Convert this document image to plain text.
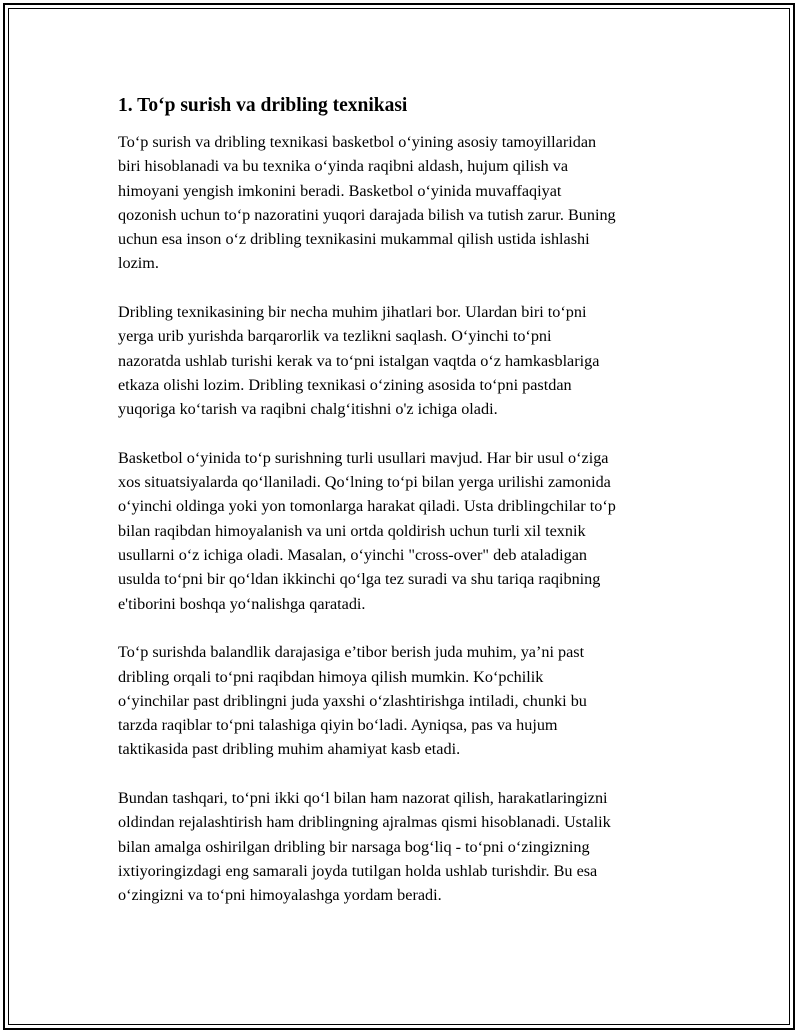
1. To‘p surish va dribling texnikasi

To‘p surish va dribling texnikasi basketbol o‘yining asosiy tamoyillaridan
biri hisoblanadi va bu texnika o‘yinda raqibni aldash, hujum qilish va
himoyani yengish imkonini beradi. Basketbol o‘yinida muvaffaqiyat
qozonish uchun to‘p nazoratini yuqori darajada bilish va tutish zarur. Buning
uchun esa inson o‘z dribling texnikasini mukammal qilish ustida ishlashi
lozim.

Dribling texnikasining bir necha muhim jihatlari bor. Ulardan biri to‘pni
yerga urib yurishda barqarorlik va tezlikni saqlash. O‘yinchi to‘pni
nazoratda ushlab turishi kerak va to‘pni istalgan vaqtda o‘z hamkasblariga
etkaza olishi lozim. Dribling texnikasi o‘zining asosida to‘pni pastdan
yuqoriga ko‘tarish va raqibni chalg‘itishni o'z ichiga oladi.

Basketbol o‘yinida to‘p surishning turli usullari mavjud. Har bir usul o‘ziga
xos situatsiyalarda qo‘llaniladi. Qo‘lning to‘pi bilan yerga urilishi zamonida
o‘yinchi oldinga yoki yon tomonlarga harakat qiladi. Usta driblingchilar to‘p
bilan raqibdan himoyalanish va uni ortda qoldirish uchun turli xil texnik
usullarni o‘z ichiga oladi. Masalan, o‘yinchi "cross-over" deb ataladigan
usulda to‘pni bir qo‘ldan ikkinchi qo‘lga tez suradi va shu tariqa raqibning
e'tiborini boshqa yo‘nalishga qaratadi.

To‘p surishda balandlik darajasiga e’tibor berish juda muhim, ya’ni past
dribling orqali to‘pni raqibdan himoya qilish mumkin. Ko‘pchilik
o‘yinchilar past driblingni juda yaxshi o‘zlashtirishga intiladi, chunki bu
tarzda raqiblar to‘pni talashiga qiyin bo‘ladi. Ayniqsa, pas va hujum
taktikasida past dribling muhim ahamiyat kasb etadi.

Bundan tashqari, to‘pni ikki qo‘l bilan ham nazorat qilish, harakatlaringizni
oldindan rejalashtirish ham driblingning ajralmas qismi hisoblanadi. Ustalik
bilan amalga oshirilgan dribling bir narsaga bog‘liq - to‘pni o‘zingizning
ixtiyoringizdagi eng samarali joyda tutilgan holda ushlab turishdir. Bu esa
o‘zingizni va to‘pni himoyalashga yordam beradi.
